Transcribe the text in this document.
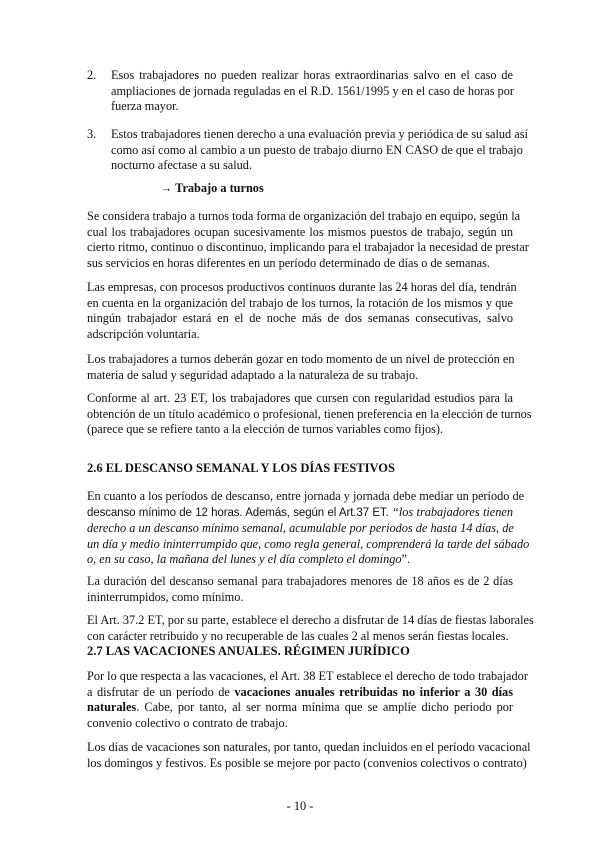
2.	Esos trabajadores no pueden realizar horas extraordinarias salvo en el caso de
ampliaciones de jornada reguladas en el R.D. 1561/1995 y en el caso de horas por
fuerza mayor.
3.	Estos trabajadores tienen derecho a una evaluación previa y periódica de su salud así
como así como al cambio a un puesto de trabajo diurno EN CASO de que el trabajo
nocturno afectase a su salud.
→ Trabajo a turnos
Se considera trabajo a turnos toda forma de organización del trabajo en equipo, según la
cual los trabajadores ocupan sucesivamente los mismos puestos de trabajo, según un
cierto ritmo, continuo o discontinuo, implicando para el trabajador la necesidad de prestar
sus servicios en horas diferentes en un período determinado de días o de semanas.
Las empresas, con procesos productivos continuos durante las 24 horas del día, tendrán
en cuenta en la organización del trabajo de los turnos, la rotación de los mismos y que
ningún trabajador estará en el de noche más de dos semanas consecutivas, salvo
adscripción voluntaria.
Los trabajadores a turnos deberán gozar en todo momento de un nivel de protección en
materia de salud y seguridad adaptado a la naturaleza de su trabajo.
Conforme al art. 23 ET, los trabajadores que cursen con regularidad estudios para la
obtención de un título académico o profesional, tienen preferencia en la elección de turnos
(parece que se refiere tanto a la elección de turnos variables como fijos).
2.6 EL DESCANSO SEMANAL Y LOS DÍAS FESTIVOS
En cuanto a los períodos de descanso, entre jornada y jornada debe mediar un período de
descanso mínimo de 12 horas. Además, según el Art.37 ET. “los trabajadores tienen
derecho a un descanso mínimo semanal, acumulable por periodos de hasta 14 días, de
un día y medio ininterrumpido que, como regla general, comprenderá la tarde del sábado
o, en su caso, la mañana del lunes y el día completo el domingo”.
La duración del descanso semanal para trabajadores menores de 18 años es de 2 días
ininterrumpidos, como mínimo.
El Art. 37.2 ET, por su parte, establece el derecho a disfrutar de 14 días de fiestas laborales
con carácter retribuido y no recuperable de las cuales 2 al menos serán fiestas locales.
2.7 LAS VACACIONES ANUALES. RÉGIMEN JURÍDICO
Por lo que respecta a las vacaciones, el Art. 38 ET establece el derecho de todo trabajador
a disfrutar de un período de vacaciones anuales retribuidas no inferior a 30 días
naturales. Cabe, por tanto, al ser norma mínima que se amplíe dicho periodo por
convenio colectivo o contrato de trabajo.
Los días de vacaciones son naturales, por tanto, quedan incluidos en el período vacacional
los domingos y festivos. Es posible se mejore por pacto (convenios colectivos o contrato)
- 10 -
